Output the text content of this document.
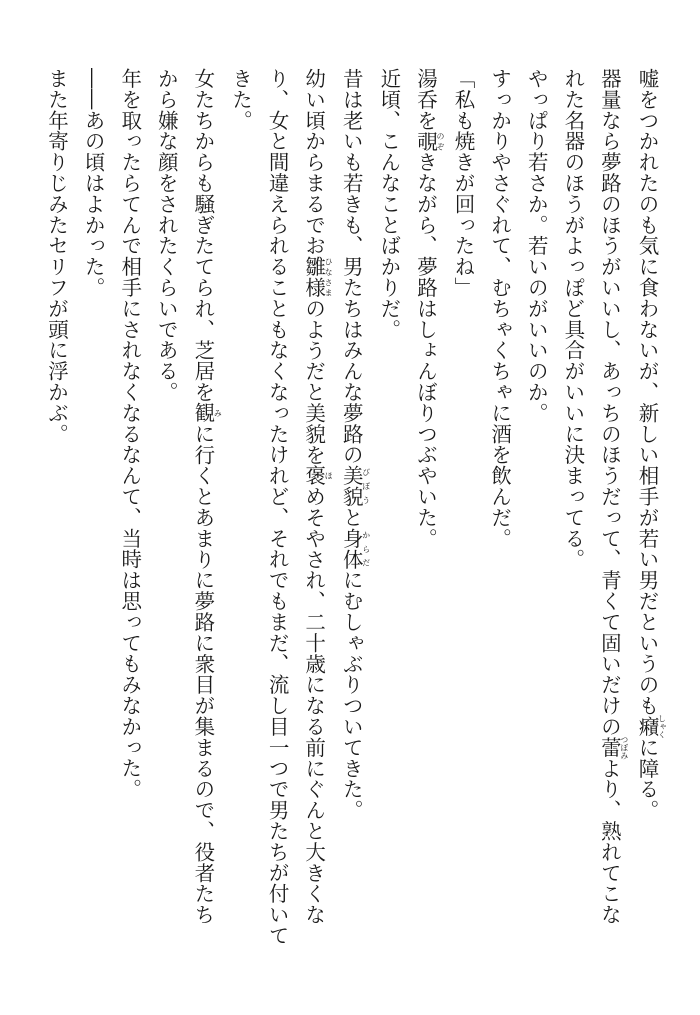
嘘をつかれたのも気に食わないが、新しい相手が若い男だというのも癪しゃくに障る。
器量なら夢路のほうがいいし、あっちのほうだって、青くて固いだけの蕾つぼみより、熟れてこな
れた名器のほうがよっぽど具合がいいに決まってる。
やっぱり若さか。若いのがいいのか。
すっかりやさぐれて、むちゃくちゃに酒を飲んだ。
「私も焼きが回ったね」
湯呑を覗のぞきながら、夢路はしょんぼりつぶやいた。
近頃、こんなことばかりだ。
昔は老いも若きも、男たちはみんな夢路の美貌びぼうと身体からだにむしゃぶりついてきた。
幼い頃からまるでお雛様ひなさまのようだと美貌を褒ほめそやされ、二十歳になる前にぐんと大きくな
り、女と間違えられることもなくなったけれど、それでもまだ、流し目一つで男たちが付いて
きた。
女たちからも騒ぎたてられ、芝居を観みに行くとあまりに夢路に衆目が集まるので、役者たち
から嫌な顔をされたくらいである。
年を取ったらてんで相手にされなくなるなんて、当時は思ってもみなかった。
――あの頃はよかった。
また年寄りじみたセリフが頭に浮かぶ。
